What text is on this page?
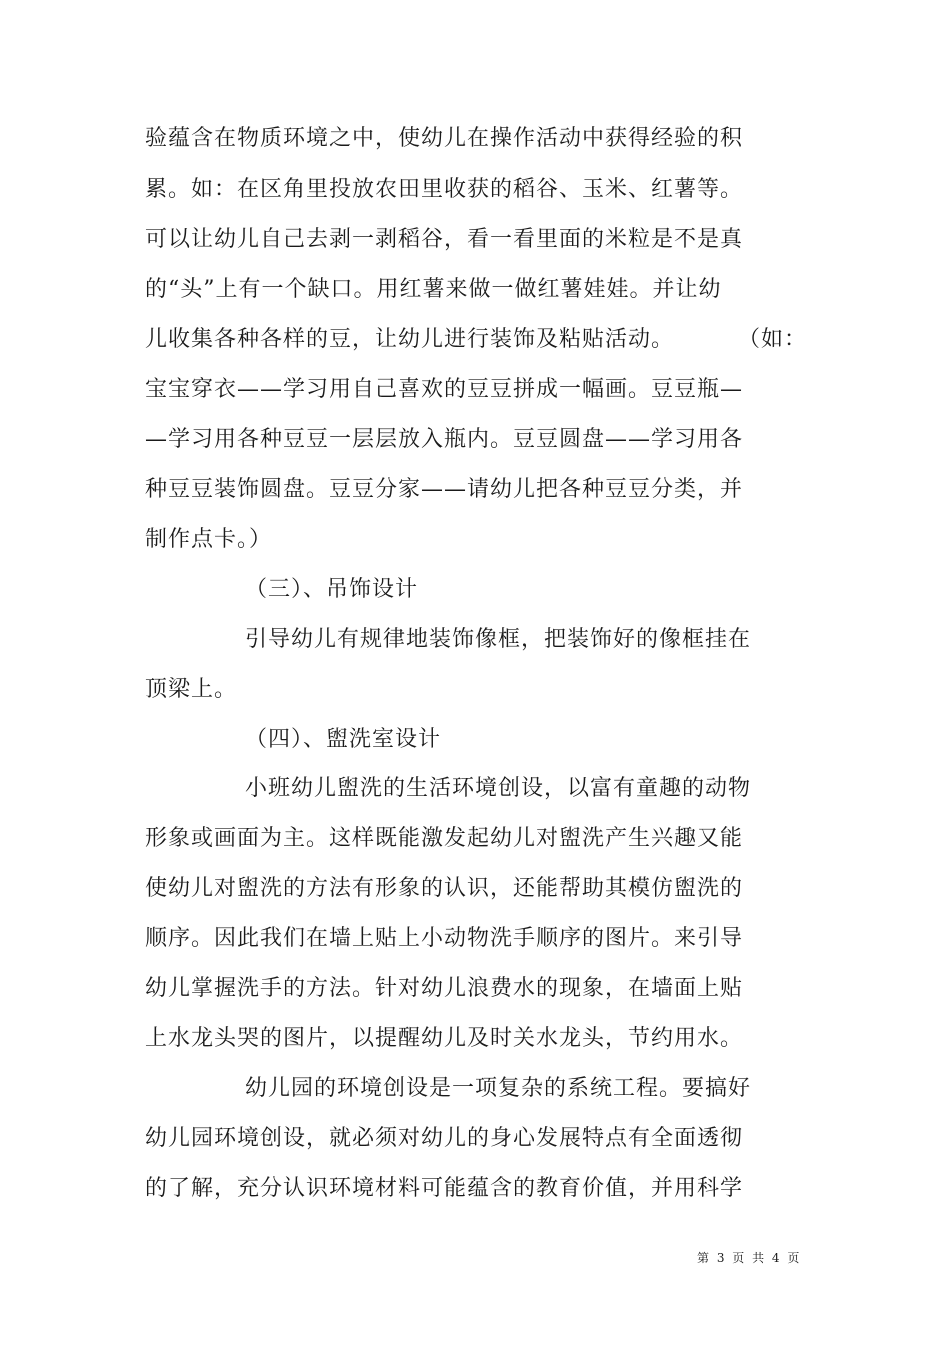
验蕴含在物质环境之中，使幼儿在操作活动中获得经验的积
累。如：在区角里投放农田里收获的稻谷、玉米、红薯等。
可以让幼儿自己去剥一剥稻谷，看一看里面的米粒是不是真
的“头”上有一个缺口。用红薯来做一做红薯娃娃。并让幼
儿收集各种各样的豆，让幼儿进行装饰及粘贴活动。	（如：
宝宝穿衣——学习用自己喜欢的豆豆拼成一幅画。豆豆瓶—
—学习用各种豆豆一层层放入瓶内。豆豆圆盘——学习用各
种豆豆装饰圆盘。豆豆分家——请幼儿把各种豆豆分类，并
制作点卡。）
（三）、吊饰设计
引导幼儿有规律地装饰像框，把装饰好的像框挂在
顶梁上。
（四）、盥洗室设计
小班幼儿盥洗的生活环境创设，以富有童趣的动物
形象或画面为主。这样既能激发起幼儿对盥洗产生兴趣又能
使幼儿对盥洗的方法有形象的认识，还能帮助其模仿盥洗的
顺序。因此我们在墙上贴上小动物洗手顺序的图片。来引导
幼儿掌握洗手的方法。针对幼儿浪费水的现象，在墙面上贴
上水龙头哭的图片，以提醒幼儿及时关水龙头，节约用水。
幼儿园的环境创设是一项复杂的系统工程。要搞好
幼儿园环境创设，就必须对幼儿的身心发展特点有全面透彻
的了解，充分认识环境材料可能蕴含的教育价值，并用科学
第 3 页 共 4 页
